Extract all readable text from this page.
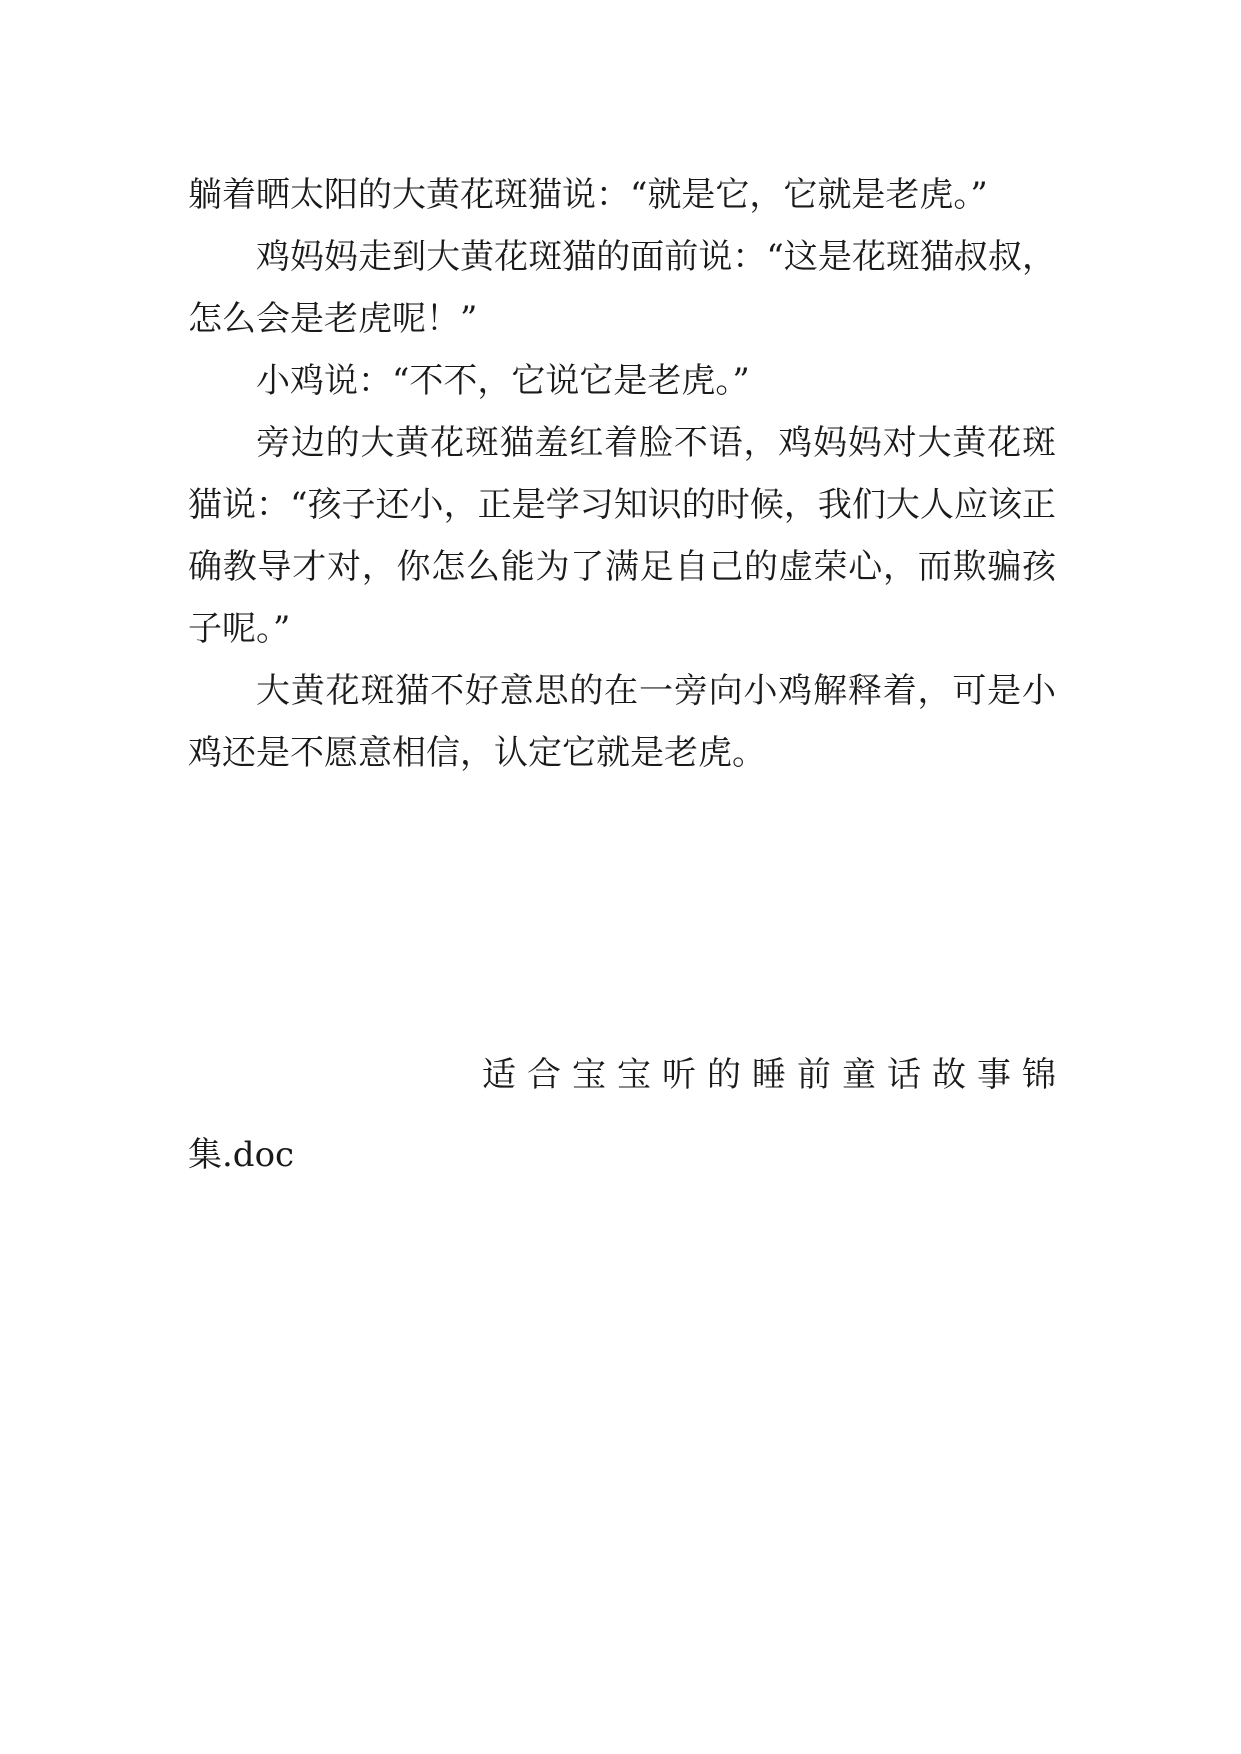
躺着晒太阳的大黄花斑猫说：“就是它，它就是老虎。”

鸡妈妈走到大黄花斑猫的面前说：“这是花斑猫叔叔，怎么会是老虎呢！”

小鸡说：“不不，它说它是老虎。”

旁边的大黄花斑猫羞红着脸不语，鸡妈妈对大黄花斑猫说：“孩子还小，正是学习知识的时候，我们大人应该正确教导才对，你怎么能为了满足自己的虚荣心，而欺骗孩子呢。”

大黄花斑猫不好意思的在一旁向小鸡解释着，可是小鸡还是不愿意相信，认定它就是老虎。

适合宝宝听的睡前童话故事锦
集.doc
